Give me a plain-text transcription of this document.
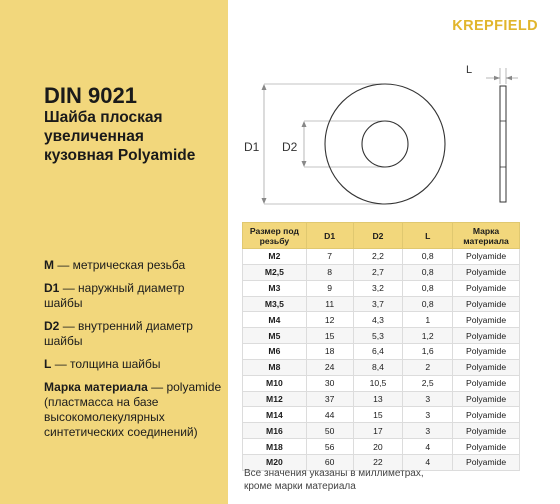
KREPFIELD
DIN 9021
Шайба плоская
увеличенная
кузовная Polyamide
M — метрическая резьба
D1 — наружный диаметр шайбы
D2 — внутренний диаметр шайбы
L — толщина шайбы
Марка материала — polyamide (пластмасса на базе высокомолекулярных синтетических соединений)
D1 D2
L
Размер под резьбу	D1	D2	L	Марка материала
M2	7	2,2	0,8	Polyamide
M2,5	8	2,7	0,8	Polyamide
M3	9	3,2	0,8	Polyamide
M3,5	11	3,7	0,8	Polyamide
M4	12	4,3	1	Polyamide
M5	15	5,3	1,2	Polyamide
M6	18	6,4	1,6	Polyamide
M8	24	8,4	2	Polyamide
M10	30	10,5	2,5	Polyamide
M12	37	13	3	Polyamide
M14	44	15	3	Polyamide
M16	50	17	3	Polyamide
M18	56	20	4	Polyamide
M20	60	22	4	Polyamide
Все значения указаны в миллиметрах,
кроме марки материала
